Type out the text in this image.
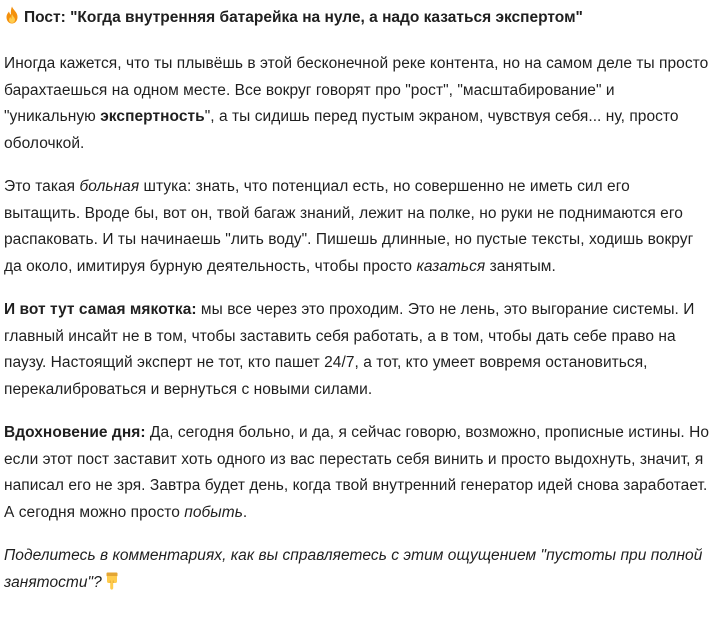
Пост: "Когда внутренняя батарейка на нуле, а надо казаться экспертом"

Иногда кажется, что ты плывёшь в этой бесконечной реке контента, но на самом деле ты просто барахтаешься на одном месте. Все вокруг говорят про "рост", "масштабирование" и "уникальную экспертность", а ты сидишь перед пустым экраном, чувствуя себя... ну, просто оболочкой.

Это такая больная штука: знать, что потенциал есть, но совершенно не иметь сил его вытащить. Вроде бы, вот он, твой багаж знаний, лежит на полке, но руки не поднимаются его распаковать. И ты начинаешь "лить воду". Пишешь длинные, но пустые тексты, ходишь вокруг да около, имитируя бурную деятельность, чтобы просто казаться занятым.

И вот тут самая мякотка: мы все через это проходим. Это не лень, это выгорание системы. И главный инсайт не в том, чтобы заставить себя работать, а в том, чтобы дать себе право на паузу. Настоящий эксперт не тот, кто пашет 24/7, а тот, кто умеет вовремя остановиться, перекалиброваться и вернуться с новыми силами.

Вдохновение дня: Да, сегодня больно, и да, я сейчас говорю, возможно, прописные истины. Но если этот пост заставит хоть одного из вас перестать себя винить и просто выдохнуть, значит, я написал его не зря. Завтра будет день, когда твой внутренний генератор идей снова заработает. А сегодня можно просто побыть.

Поделитесь в комментариях, как вы справляетесь с этим ощущением "пустоты при полной занятости"?
